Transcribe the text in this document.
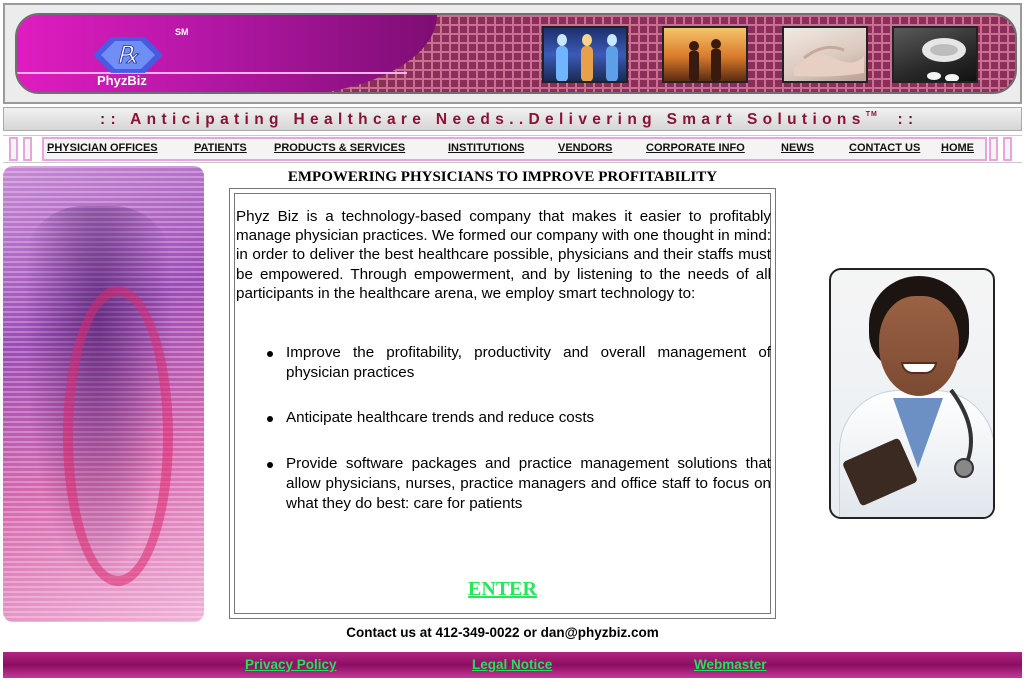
℞
PhyzBiz
SM
:: Anticipating Healthcare Needs..Delivering Smart Solutions™ ::
PHYSICIAN OFFICES	PATIENTS PRODUCTS & SERVICES	INSTITUTIONS	VENDORS	CORPORATE INFO	NEWS	CONTACT US HOME
EMPOWERING PHYSICIANS TO IMPROVE PROFITABILITY

Phyz Biz is a technology-based company that makes it easier to profitably manage physician practices. We formed our company with one thought in mind: in order to deliver the best healthcare possible, physicians and their staffs must be empowered. Through empowerment, and by listening to the needs of all participants in the healthcare arena, we employ smart technology to:

Improve the profitability, productivity and overall management of physician practices
Anticipate healthcare trends and reduce costs
Provide software packages and practice management solutions that allow physicians, nurses, practice managers and office staff to focus on what they do best: care for patients
ENTER
Contact us at 412-349-0022 or dan@phyzbiz.com
Privacy Policy	Legal Notice	Webmaster
